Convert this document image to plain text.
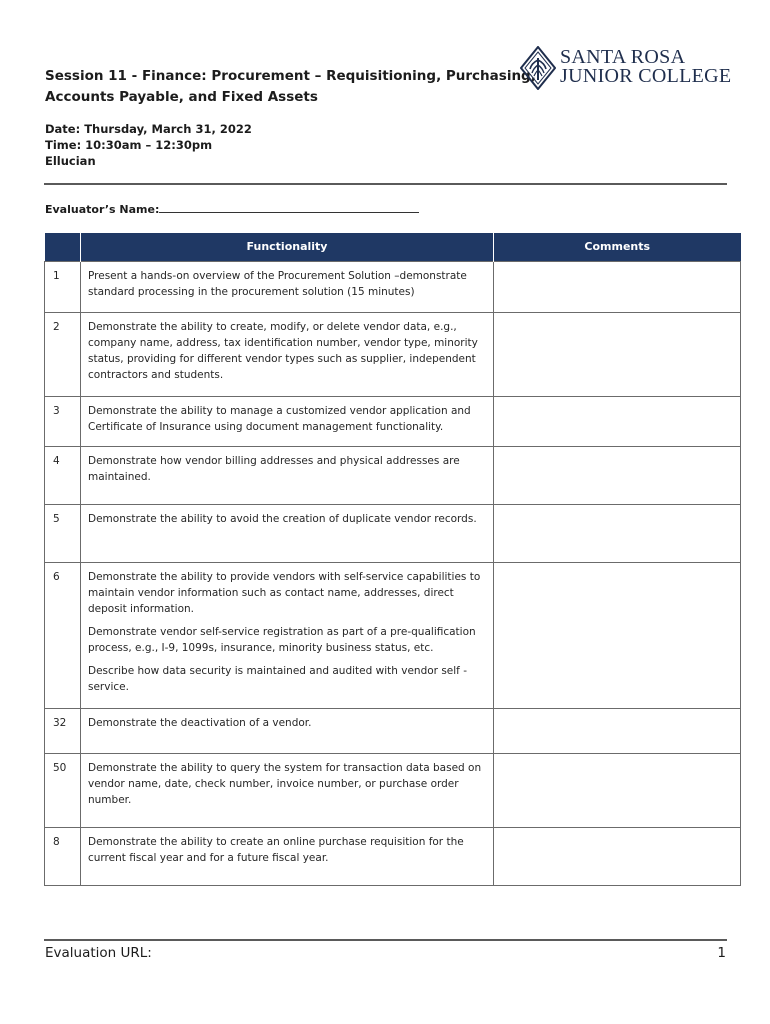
Session 11 - Finance: Procurement – Requisitioning, Purchasing,
Accounts Payable, and Fixed Assets
SANTA ROSA
JUNIOR COLLEGE
Date: Thursday, March 31, 2022
Time: 10:30am – 12:30pm
Ellucian
Evaluator’s Name:
	Functionality	Comments
1	Present a hands-on overview of the Procurement Solution –demonstrate standard processing in the procurement solution (15 minutes)	

2	Demonstrate the ability to create, modify, or delete vendor data, e.g., company name, address, tax identification number, vendor type, minority status, providing for different vendor types such as supplier, independent contractors and students.	

3	Demonstrate the ability to manage a customized vendor application and Certificate of Insurance using document management functionality.	

4	Demonstrate how vendor billing addresses and physical addresses are maintained.	

5	Demonstrate the ability to avoid the creation of duplicate vendor records.	

6	Demonstrate the ability to provide vendors with self-service capabilities to maintain vendor information such as contact name, addresses, direct deposit information.

Demonstrate vendor self-service registration as part of a pre-qualification process, e.g., I-9, 1099s, insurance, minority business status, etc.

Describe how data security is maintained and audited with vendor self -service.	

32	Demonstrate the deactivation of a vendor.	

50	Demonstrate the ability to query the system for transaction data based on vendor name, date, check number, invoice number, or purchase order number.	

8	Demonstrate the ability to create an online purchase requisition for the current fiscal year and for a future fiscal year.	

Evaluation URL:	1
